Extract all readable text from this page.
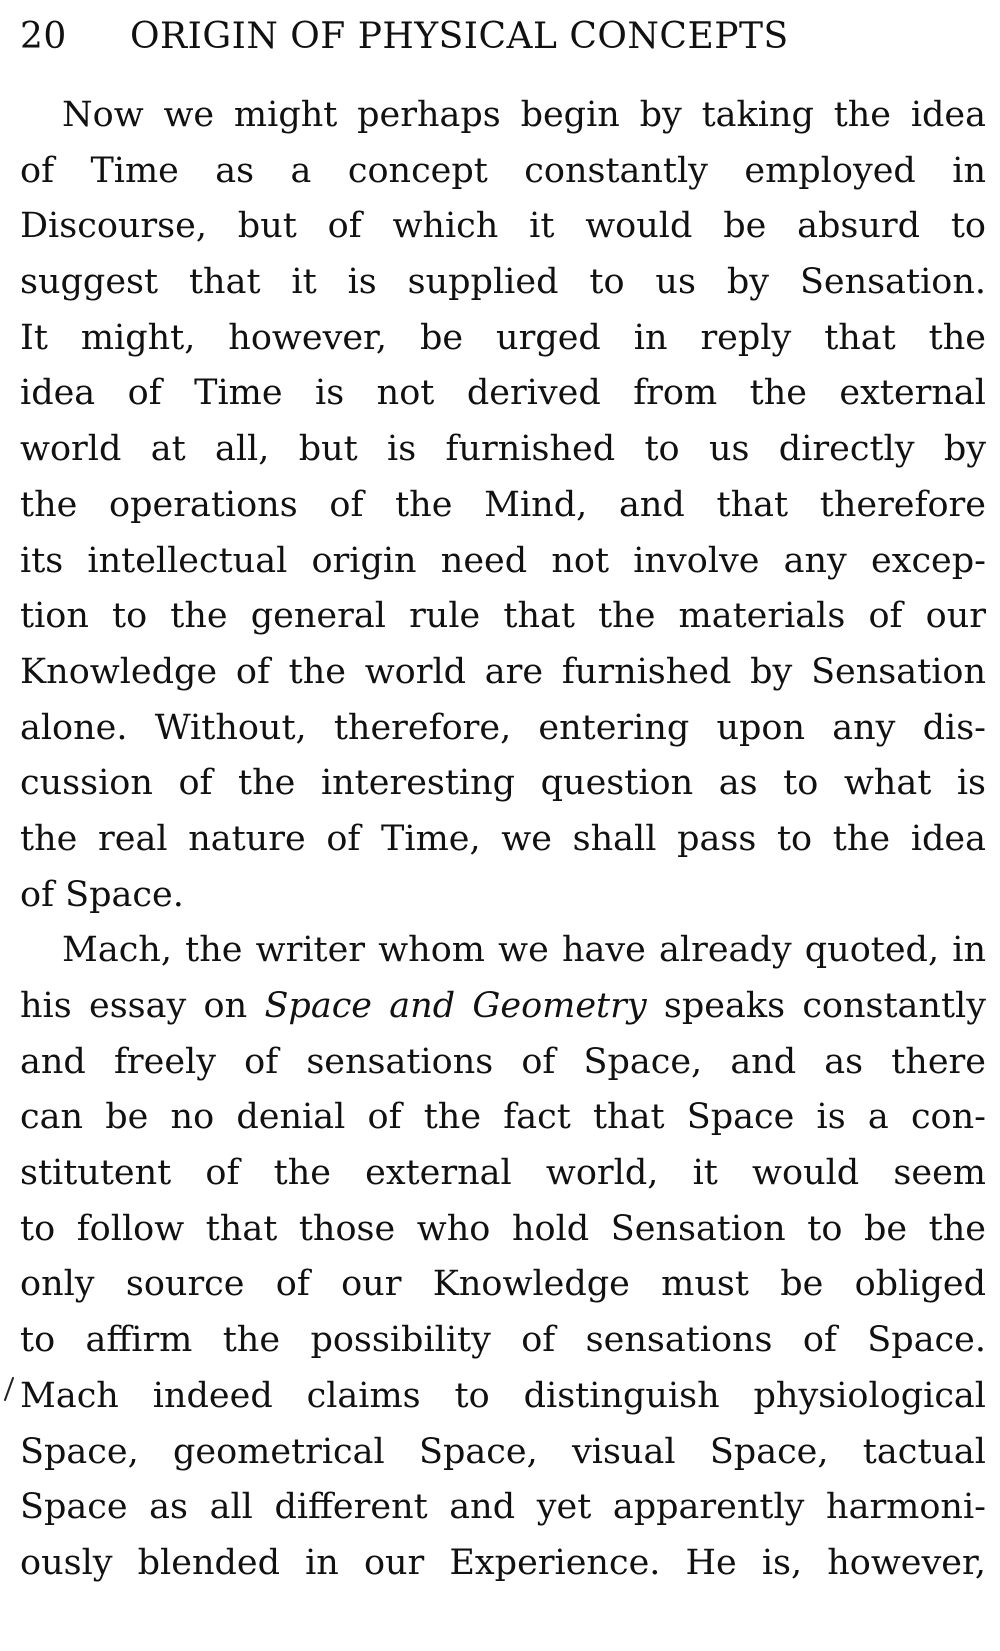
20 ORIGIN OF PHYSICAL CONCEPTS
Now we might perhaps begin by taking the idea
of Time as a concept constantly employed in
Discourse, but of which it would be absurd to
suggest that it is supplied to us by Sensation.
It might, however, be urged in reply that the
idea of Time is not derived from the external
world at all, but is furnished to us directly by
the operations of the Mind, and that therefore
its intellectual origin need not involve any excep-
tion to the general rule that the materials of our
Knowledge of the world are furnished by Sensation
alone. Without, therefore, entering upon any dis-
cussion of the interesting question as to what is
the real nature of Time, we shall pass to the idea
of Space.
Mach, the writer whom we have already quoted, in
his essay on Space and Geometry speaks constantly
and freely of sensations of Space, and as there
can be no denial of the fact that Space is a con-
stitutent of the external world, it would seem
to follow that those who hold Sensation to be the
only source of our Knowledge must be obliged
to affirm the possibility of sensations of Space.
Mach indeed claims to distinguish physiological
Space, geometrical Space, visual Space, tactual
Space as all different and yet apparently harmoni-
ously blended in our Experience. He is, however,
